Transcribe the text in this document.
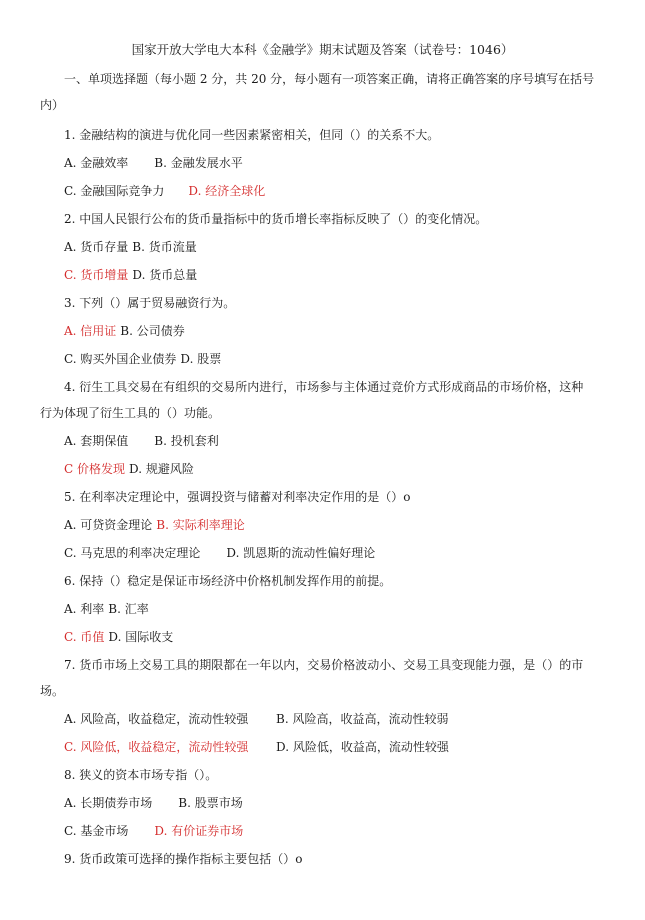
国家开放大学电大本科《金融学》期末试题及答案（试卷号：1046）
一、单项选择题（每小题 2 分，共 20 分，每小题有一项答案正确，请将正确答案的序号填写在括号
内）
1. 金融结构的演进与优化同一些因素紧密相关，但同（）的关系不大。
A. 金融效率 B. 金融发展水平
C. 金融国际竞争力 D. 经济全球化
2. 中国人民银行公布的货币量指标中的货币增长率指标反映了（）的变化情况。
A. 货币存量 B. 货币流量
C. 货币增量 D. 货币总量
3. 下列（）属于贸易融资行为。
A. 信用证 B. 公司债券
C. 购买外国企业债券 D. 股票
4. 衍生工具交易在有组织的交易所内进行，市场参与主体通过竞价方式形成商品的市场价格，这种
行为体现了衍生工具的（）功能。
A. 套期保值 B. 投机套利
C 价格发现 D. 规避风险
5. 在利率决定理论中，强调投资与储蓄对利率决定作用的是（）o
A. 可贷资金理论 B. 实际利率理论
C. 马克思的利率决定理论 D. 凯恩斯的流动性偏好理论
6. 保持（）稳定是保证市场经济中价格机制发挥作用的前提。
A. 利率 B. 汇率
C. 币值 D. 国际收支
7. 货币市场上交易工具的期限都在一年以内，交易价格波动小、交易工具变现能力强，是（）的市
场。
A. 风险高，收益稳定，流动性较强 B. 风险高，收益高，流动性较弱
C. 风险低，收益稳定，流动性较强 D. 风险低，收益高，流动性较强
8. 狭义的资本市场专指（）。
A. 长期债券市场 B. 股票市场
C. 基金市场 D. 有价证券市场
9. 货币政策可选择的操作指标主要包括（）o
